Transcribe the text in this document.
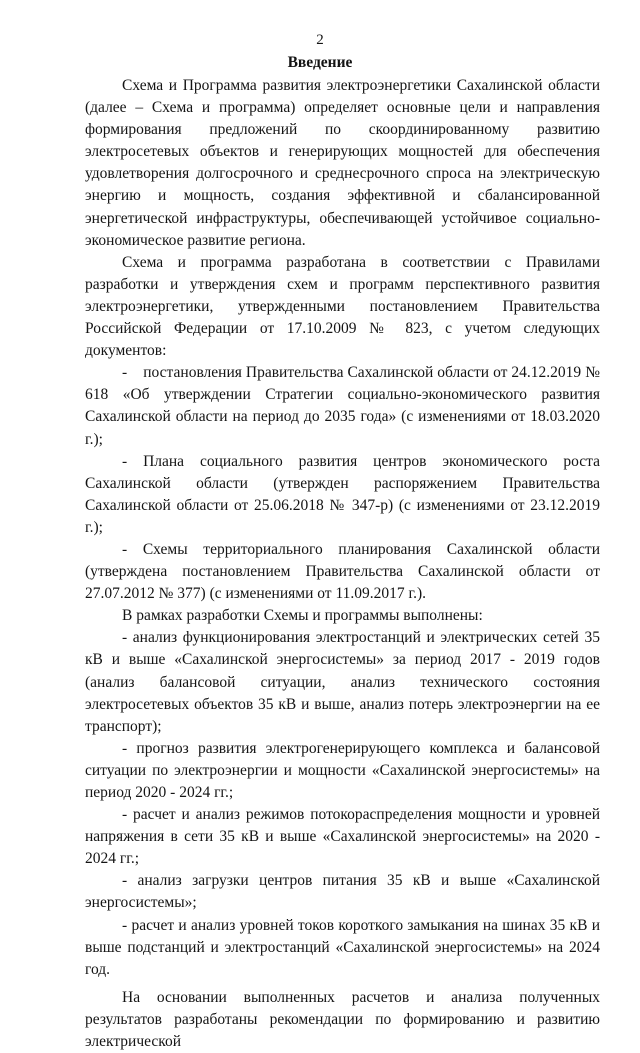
2
Введение

Схема и Программа развития электроэнергетики Сахалинской области (далее – Схема и программа) определяет основные цели и направления формирования предложений по скоординированному развитию электросетевых объектов и генерирующих мощностей для обеспечения удовлетворения долгосрочного и среднесрочного спроса на электрическую энергию и мощность, создания эффективной и сбалансированной энергетической инфраструктуры, обеспечивающей устойчивое социально-экономическое развитие региона.

Схема и программа разработана в соответствии с Правилами разработки и утверждения схем и программ перспективного развития электроэнергетики, утвержденными постановлением Правительства Российской Федерации от 17.10.2009 № 823, с учетом следующих документов:

-    постановления Правительства Сахалинской области от 24.12.2019 № 618 «Об утверждении Стратегии социально-экономического развития Сахалинской области на период до 2035 года» (с изменениями от 18.03.2020 г.);

- Плана социального развития центров экономического роста Сахалинской области (утвержден распоряжением Правительства Сахалинской области от 25.06.2018 № 347-р) (с изменениями от 23.12.2019 г.);

- Схемы территориального планирования Сахалинской области (утверждена постановлением Правительства Сахалинской области от 27.07.2012 № 377) (с изменениями от 11.09.2017 г.).

В рамках разработки Схемы и программы выполнены:

- анализ функционирования электростанций и электрических сетей 35 кВ и выше «Сахалинской энергосистемы» за период 2017 - 2019 годов (анализ балансовой ситуации, анализ технического состояния электросетевых объектов 35 кВ и выше, анализ потерь электроэнергии на ее транспорт);

- прогноз развития электрогенерирующего комплекса и балансовой ситуации по электроэнергии и мощности «Сахалинской энергосистемы» на период 2020 - 2024 гг.;

- расчет и анализ режимов потокораспределения мощности и уровней напряжения в сети 35 кВ и выше «Сахалинской энергосистемы» на 2020 - 2024 гг.;

- анализ загрузки центров питания 35 кВ и выше «Сахалинской энергосистемы»;

- расчет и анализ уровней токов короткого замыкания на шинах 35 кВ и выше подстанций и электростанций «Сахалинской энергосистемы» на 2024 год.

На основании выполненных расчетов и анализа полученных результатов разработаны рекомендации по формированию и развитию электрической
